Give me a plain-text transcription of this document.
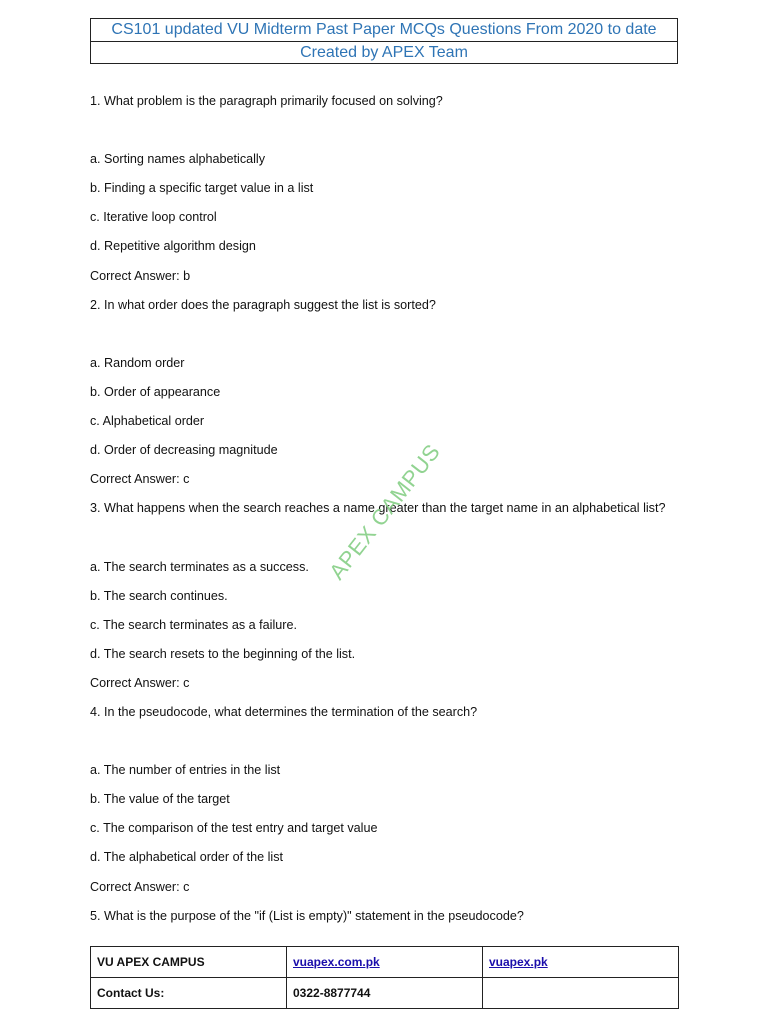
CS101 updated VU Midterm Past Paper MCQs Questions From 2020 to date
Created by APEX Team
1. What problem is the paragraph primarily focused on solving?
a. Sorting names alphabetically
b. Finding a specific target value in a list
c. Iterative loop control
d. Repetitive algorithm design
Correct Answer: b
2. In what order does the paragraph suggest the list is sorted?
a. Random order
b. Order of appearance
c. Alphabetical order
d. Order of decreasing magnitude
Correct Answer: c
3. What happens when the search reaches a name greater than the target name in an alphabetical list?
a. The search terminates as a success.
b. The search continues.
c. The search terminates as a failure.
d. The search resets to the beginning of the list.
Correct Answer: c
4. In the pseudocode, what determines the termination of the search?
a. The number of entries in the list
b. The value of the target
c. The comparison of the test entry and target value
d. The alphabetical order of the list
Correct Answer: c
5. What is the purpose of the "if (List is empty)" statement in the pseudocode?
APEX CAMPUS
VU APEX CAMPUS	vuapex.com.pk	vuapex.pk
Contact Us:	0322-8877744	
